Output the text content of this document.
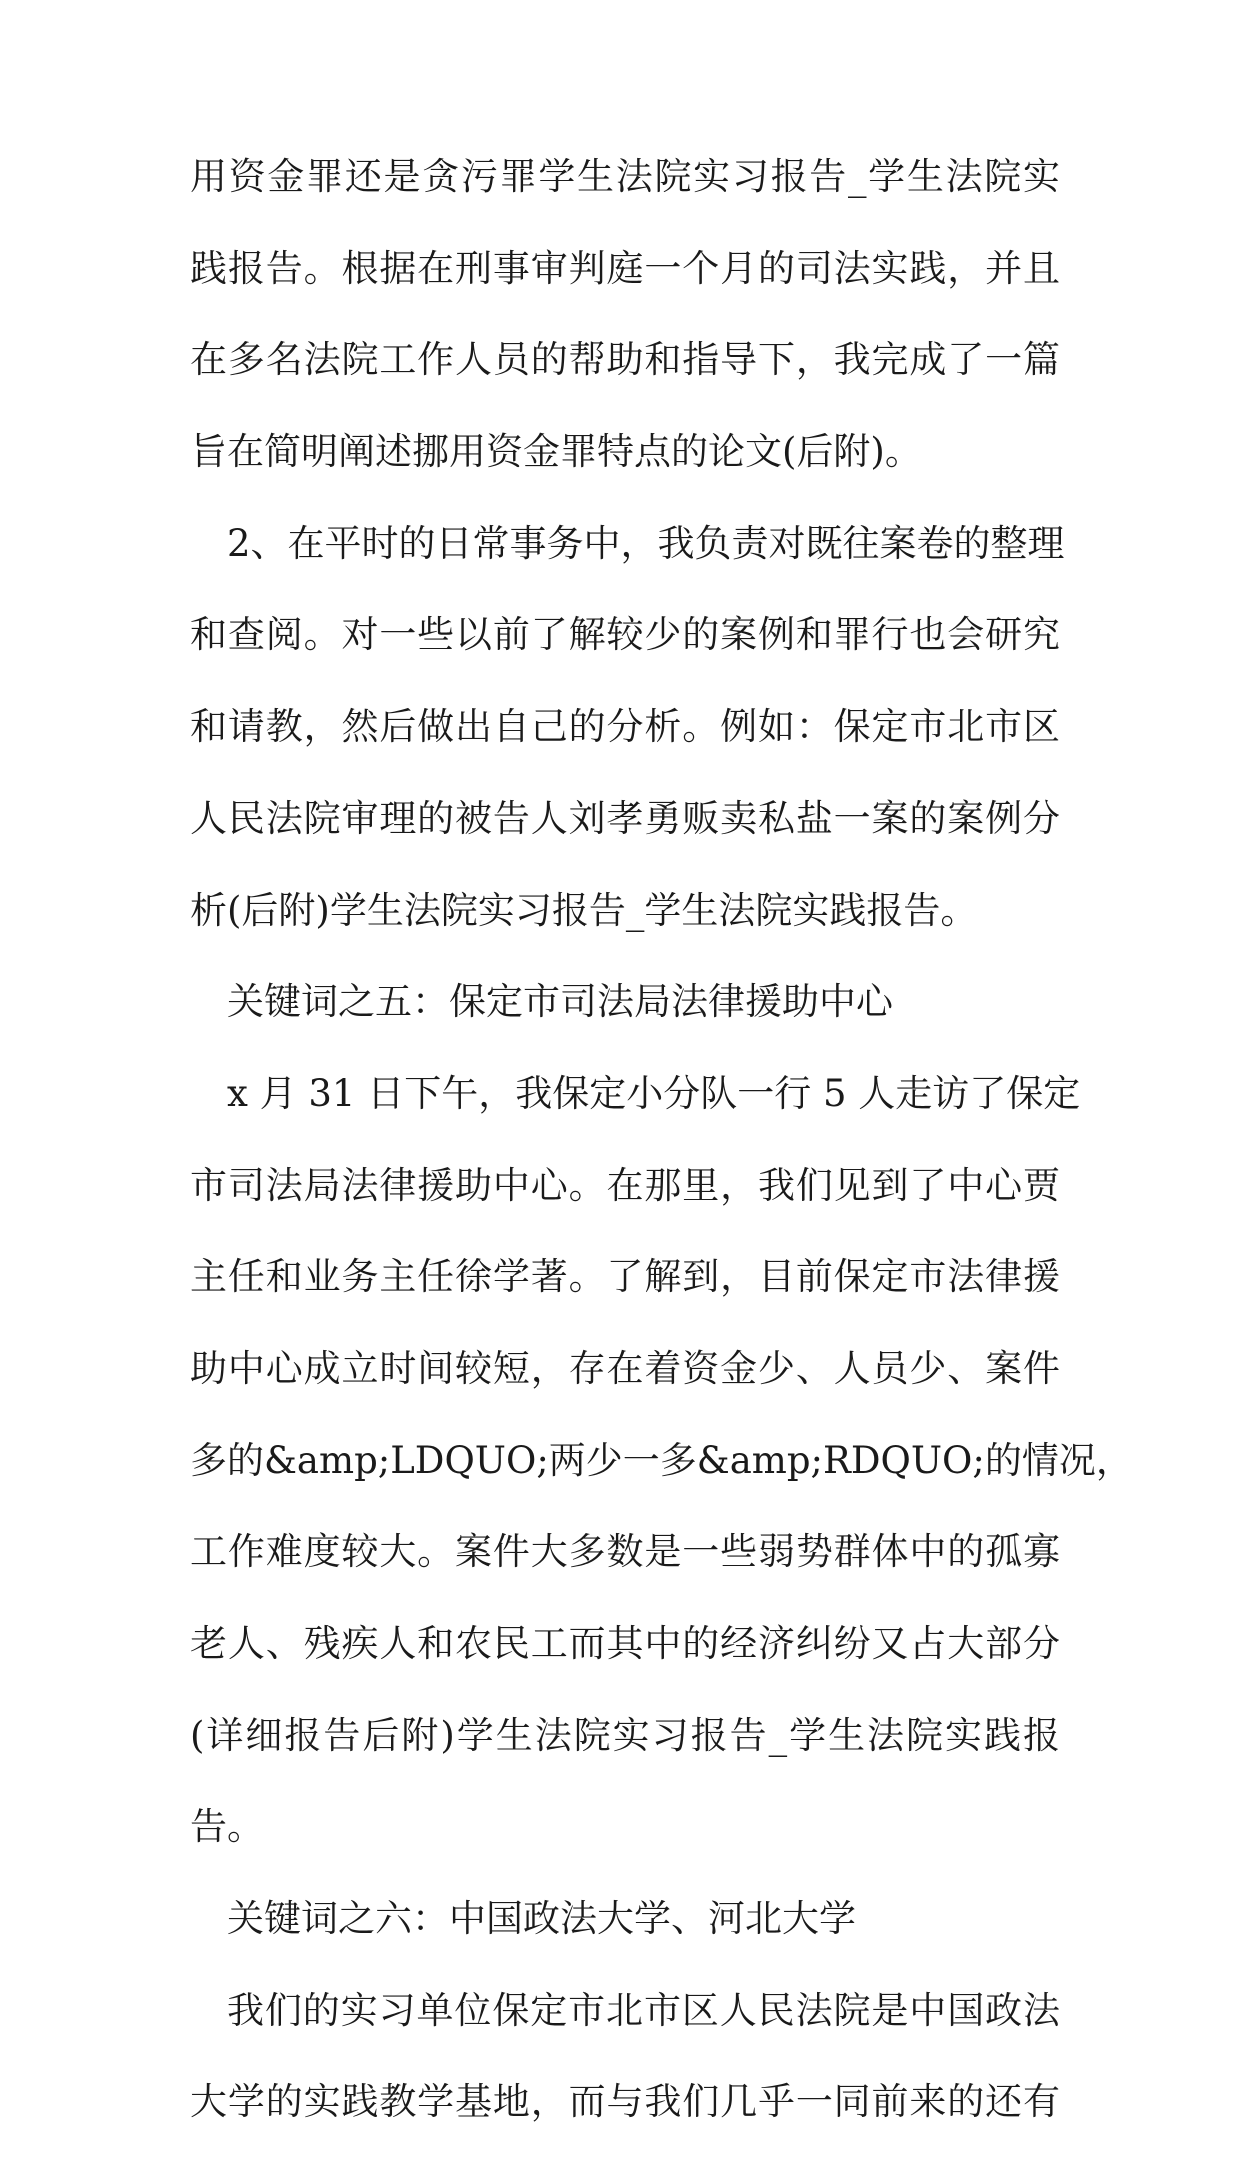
用资金罪还是贪污罪学生法院实习报告_学生法院实
践报告。根据在刑事审判庭一个月的司法实践，并且
在多名法院工作人员的帮助和指导下，我完成了一篇
旨在简明阐述挪用资金罪特点的论文(后附)。
2、在平时的日常事务中，我负责对既往案卷的整理
和查阅。对一些以前了解较少的案例和罪行也会研究
和请教，然后做出自己的分析。例如：保定市北市区
人民法院审理的被告人刘孝勇贩卖私盐一案的案例分
析(后附)学生法院实习报告_学生法院实践报告。
关键词之五：保定市司法局法律援助中心
x 月 31 日下午，我保定小分队一行 5 人走访了保定
市司法局法律援助中心。在那里，我们见到了中心贾
主任和业务主任徐学著。了解到，目前保定市法律援
助中心成立时间较短，存在着资金少、人员少、案件
多的&amp;LDQUO;两少一多&amp;RDQUO;的情况，
工作难度较大。案件大多数是一些弱势群体中的孤寡
老人、残疾人和农民工而其中的经济纠纷又占大部分
(详细报告后附)学生法院实习报告_学生法院实践报
告。
关键词之六：中国政法大学、河北大学
我们的实习单位保定市北市区人民法院是中国政法
大学的实践教学基地，而与我们几乎一同前来的还有
